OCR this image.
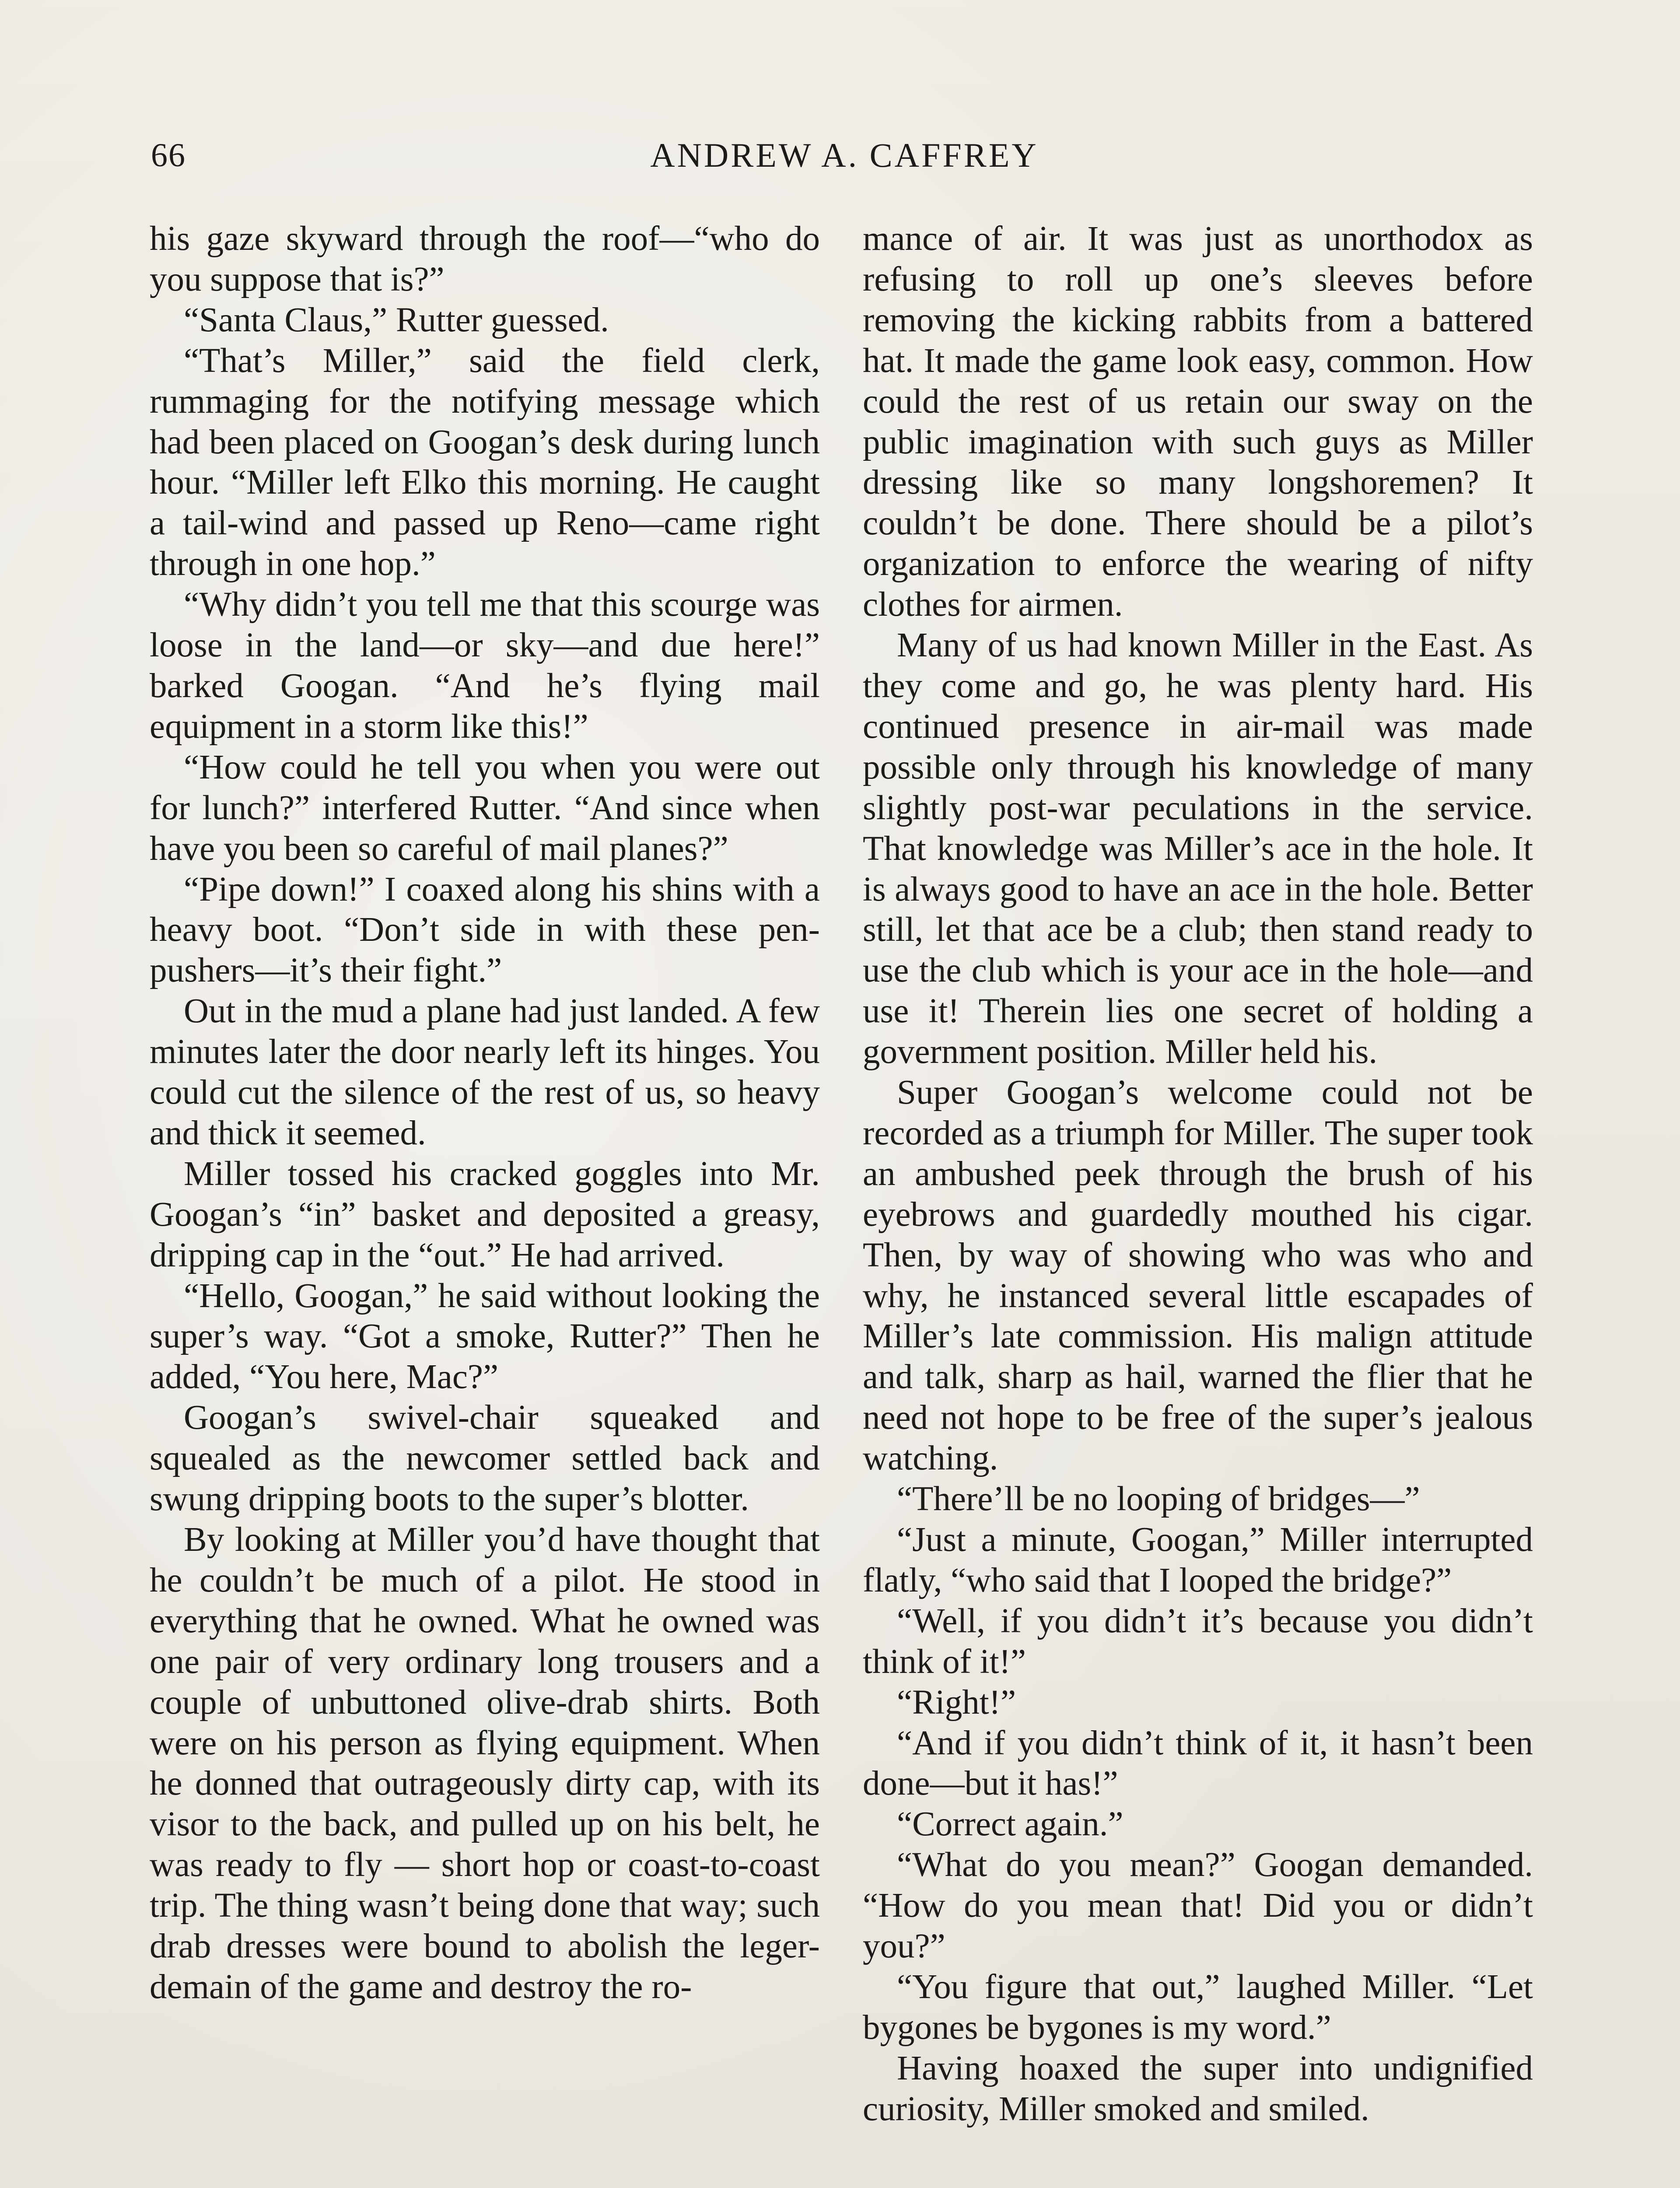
66	ANDREW A. CAFFREY

his gaze skyward through the roof—“who do you suppose that is?”

“Santa Claus,” Rutter guessed.

“That’s Miller,” said the field clerk, rummaging for the notifying message which had been placed on Googan’s desk during lunch hour. “Miller left Elko this morning. He caught a tail-wind and passed up Reno—came right through in one hop.”

“Why didn’t you tell me that this scourge was loose in the land—or sky—and due here!” barked Googan. “And he’s flying mail equipment in a storm like this!”

“How could he tell you when you were out for lunch?” interfered Rutter. “And since when have you been so careful of mail planes?”

“Pipe down!” I coaxed along his shins with a heavy boot. “Don’t side in with these pen-pushers—it’s their fight.”

Out in the mud a plane had just landed. A few minutes later the door nearly left its hinges. You could cut the silence of the rest of us, so heavy and thick it seemed.

Miller tossed his cracked goggles into Mr. Googan’s “in” basket and deposited a greasy, dripping cap in the “out.” He had arrived.

“Hello, Googan,” he said without looking the super’s way. “Got a smoke, Rutter?” Then he added, “You here, Mac?”

Googan’s swivel-chair squeaked and squealed as the newcomer settled back and swung dripping boots to the super’s blotter.

By looking at Miller you’d have thought that he couldn’t be much of a pilot. He stood in everything that he owned. What he owned was one pair of very ordinary long trousers and a couple of unbuttoned olive-drab shirts. Both were on his person as flying equipment. When he donned that outrageously dirty cap, with its visor to the back, and pulled up on his belt, he was ready to fly — short hop or coast-to-coast trip. The thing wasn’t being done that way; such drab dresses were bound to abolish the leger-demain of the game and destroy the ro-

mance of air. It was just as unorthodox as refusing to roll up one’s sleeves before removing the kicking rabbits from a battered hat. It made the game look easy, common. How could the rest of us retain our sway on the public imagination with such guys as Miller dressing like so many longshoremen? It couldn’t be done. There should be a pilot’s organization to enforce the wearing of nifty clothes for airmen.

Many of us had known Miller in the East. As they come and go, he was plenty hard. His continued presence in air-mail was made possible only through his knowledge of many slightly post-war peculations in the service. That knowledge was Miller’s ace in the hole. It is always good to have an ace in the hole. Better still, let that ace be a club; then stand ready to use the club which is your ace in the hole—and use it! Therein lies one secret of holding a government position. Miller held his.

Super Googan’s welcome could not be recorded as a triumph for Miller. The super took an ambushed peek through the brush of his eyebrows and guardedly mouthed his cigar. Then, by way of showing who was who and why, he instanced several little escapades of Miller’s late commission. His malign attitude and talk, sharp as hail, warned the flier that he need not hope to be free of the super’s jealous watching.

“There’ll be no looping of bridges—”

“Just a minute, Googan,” Miller interrupted flatly, “who said that I looped the bridge?”

“Well, if you didn’t it’s because you didn’t think of it!”

“Right!”

“And if you didn’t think of it, it hasn’t been done—but it has!”

“Correct again.”

“What do you mean?” Googan demanded. “How do you mean that! Did you or didn’t you?”

“You figure that out,” laughed Miller. “Let bygones be bygones is my word.”

Having hoaxed the super into undignified curiosity, Miller smoked and smiled.
